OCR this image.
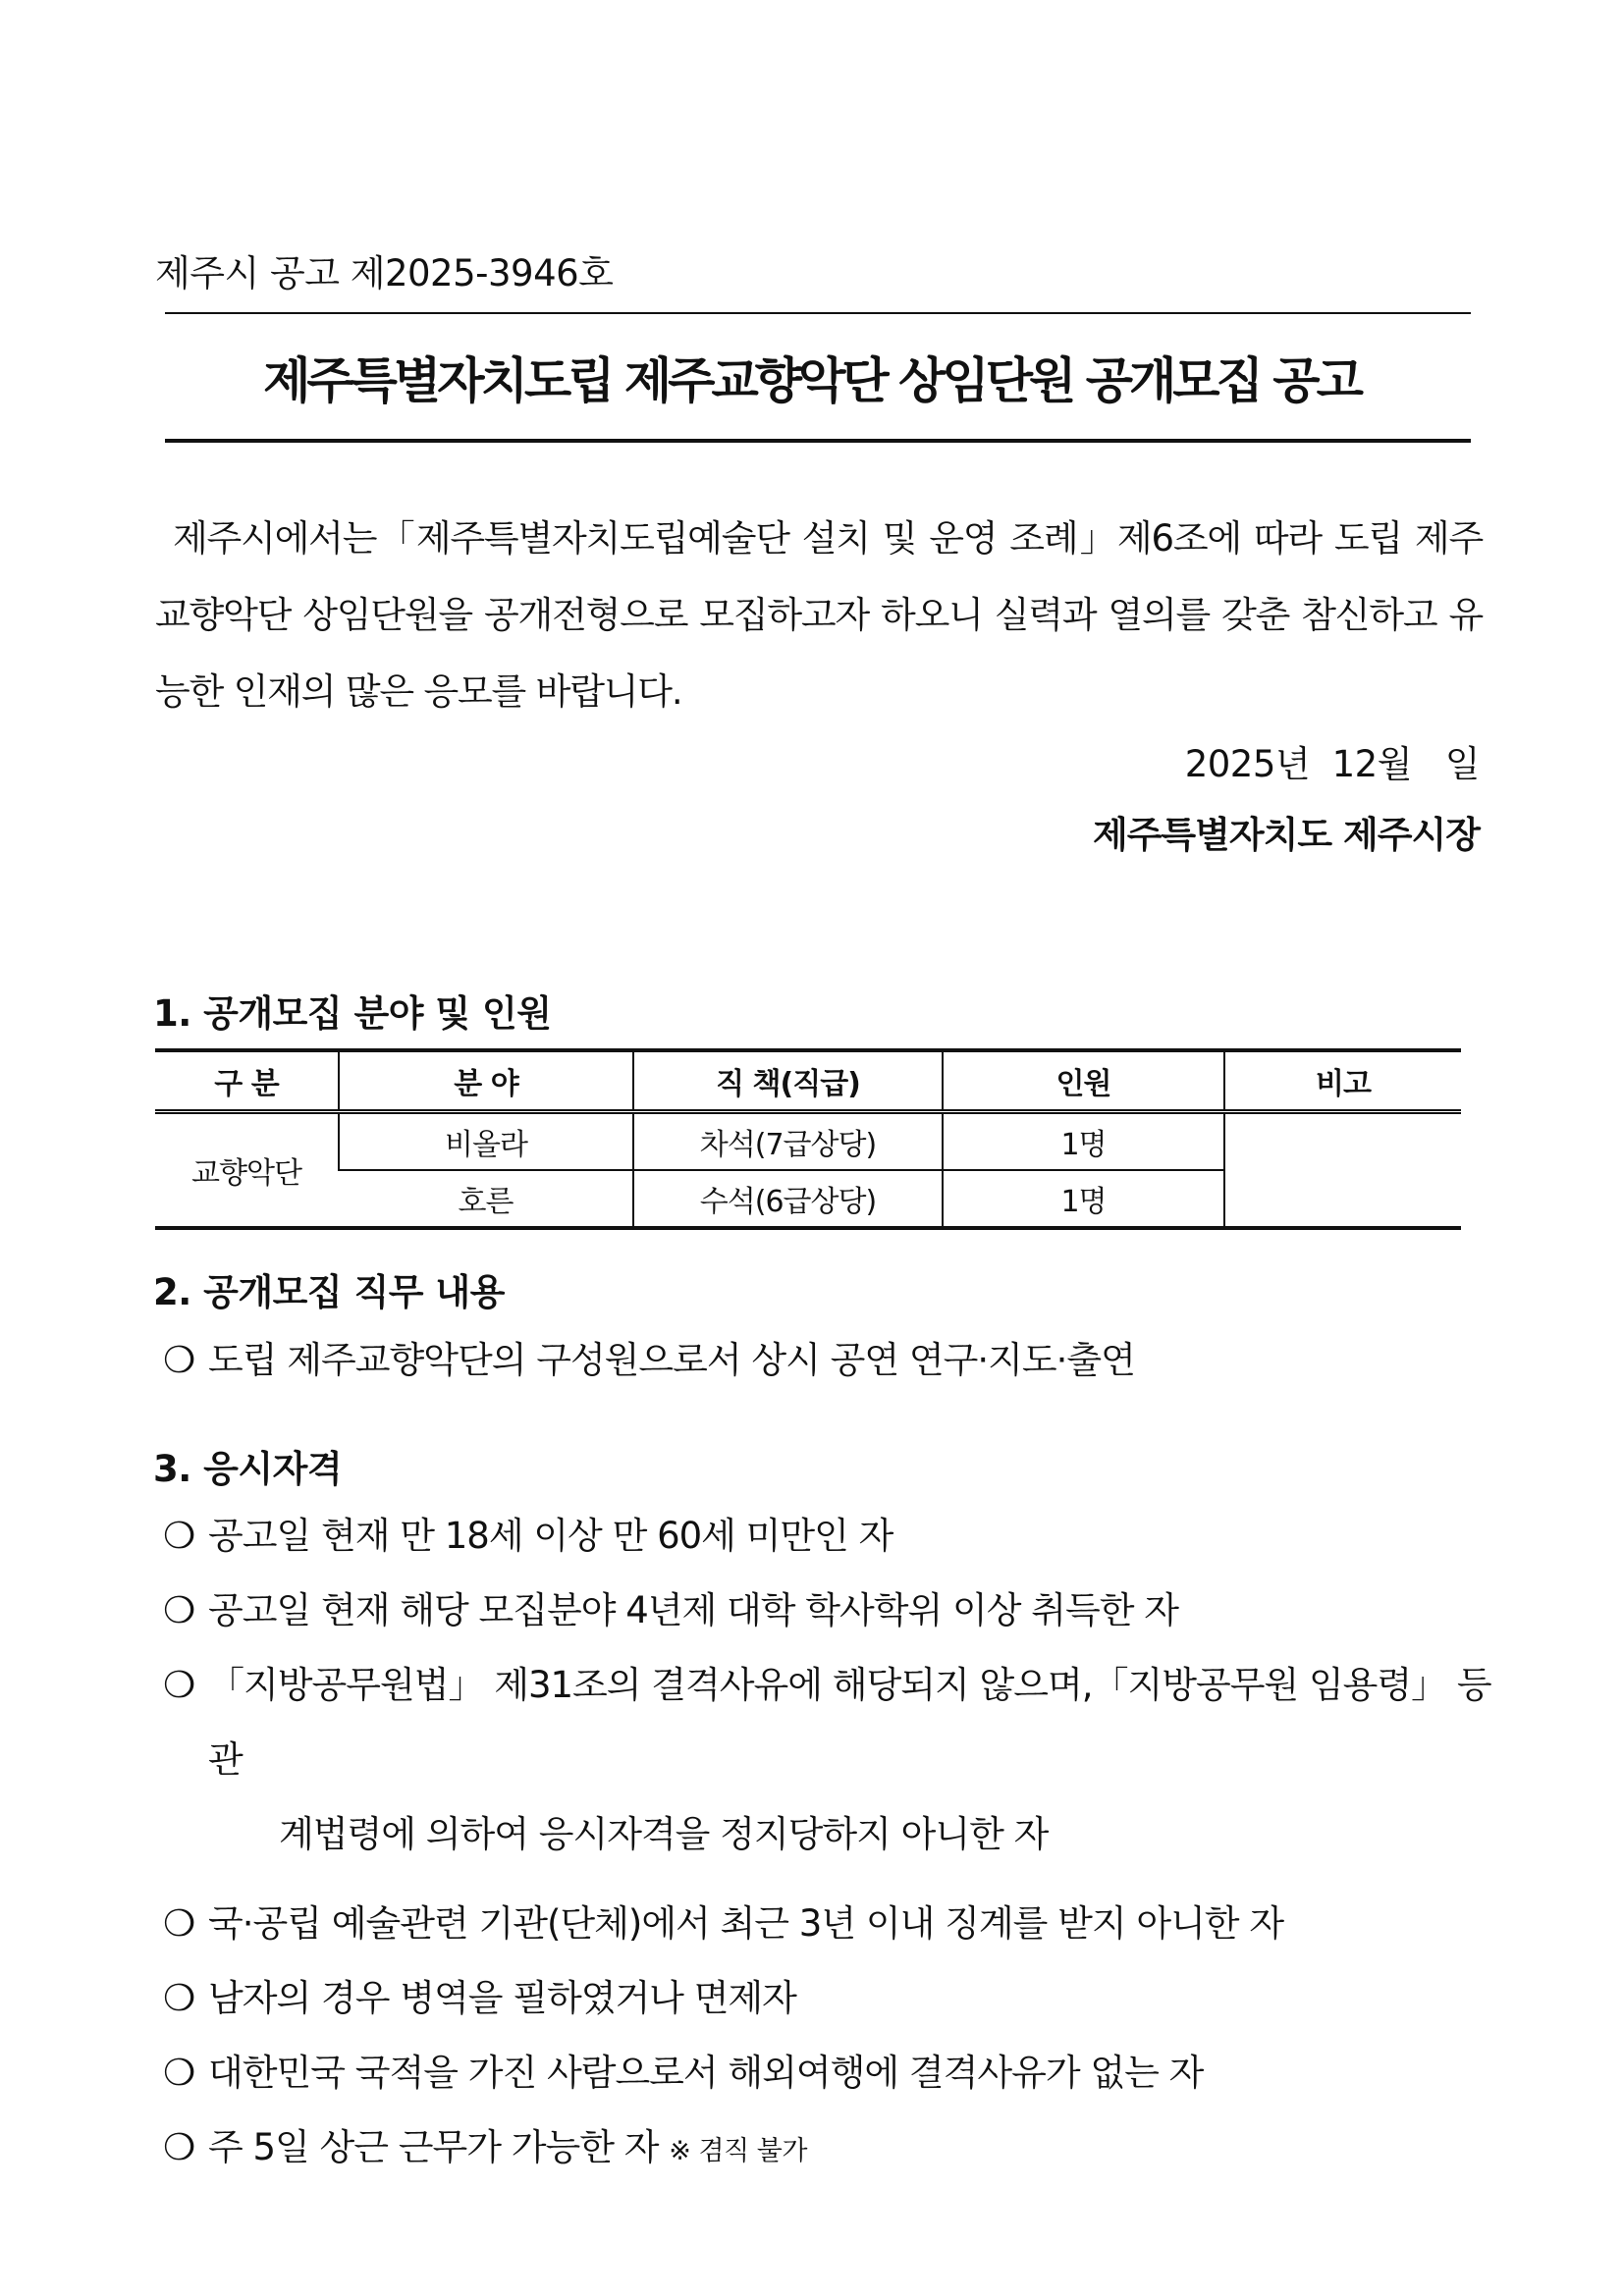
제주시 공고 제2025-3946호
제주특별자치도립 제주교향악단 상임단원 공개모집 공고
제주시에서는「제주특별자치도립예술단 설치 및 운영 조례」제6조에 따라 도립 제주교향악단 상임단원을 공개전형으로 모집하고자 하오니 실력과 열의를 갖춘 참신하고 유능한 인재의 많은 응모를 바랍니다.
2025년  12월   일
제주특별자치도 제주시장
1. 공개모집 분야 및 인원
구 분	분 야	직 책(직급)	인원	비고
교향악단	비올라	차석(7급상당)	1명	
	호른	수석(6급상당)	1명	
2. 공개모집 직무 내용
❍ 도립 제주교향악단의 구성원으로서 상시 공연 연구·지도·출연
3. 응시자격
❍ 공고일 현재 만 18세 이상 만 60세 미만인 자
❍ 공고일 현재 해당 모집분야 4년제 대학 학사학위 이상 취득한 자
❍ 「지방공무원법」 제31조의 결격사유에 해당되지 않으며,「지방공무원 임용령」 등 관
계법령에 의하여 응시자격을 정지당하지 아니한 자
❍ 국·공립 예술관련 기관(단체)에서 최근 3년 이내 징계를 받지 아니한 자
❍ 남자의 경우 병역을 필하였거나 면제자
❍ 대한민국 국적을 가진 사람으로서 해외여행에 결격사유가 없는 자
❍ 주 5일 상근 근무가 가능한 자 ※ 겸직 불가
